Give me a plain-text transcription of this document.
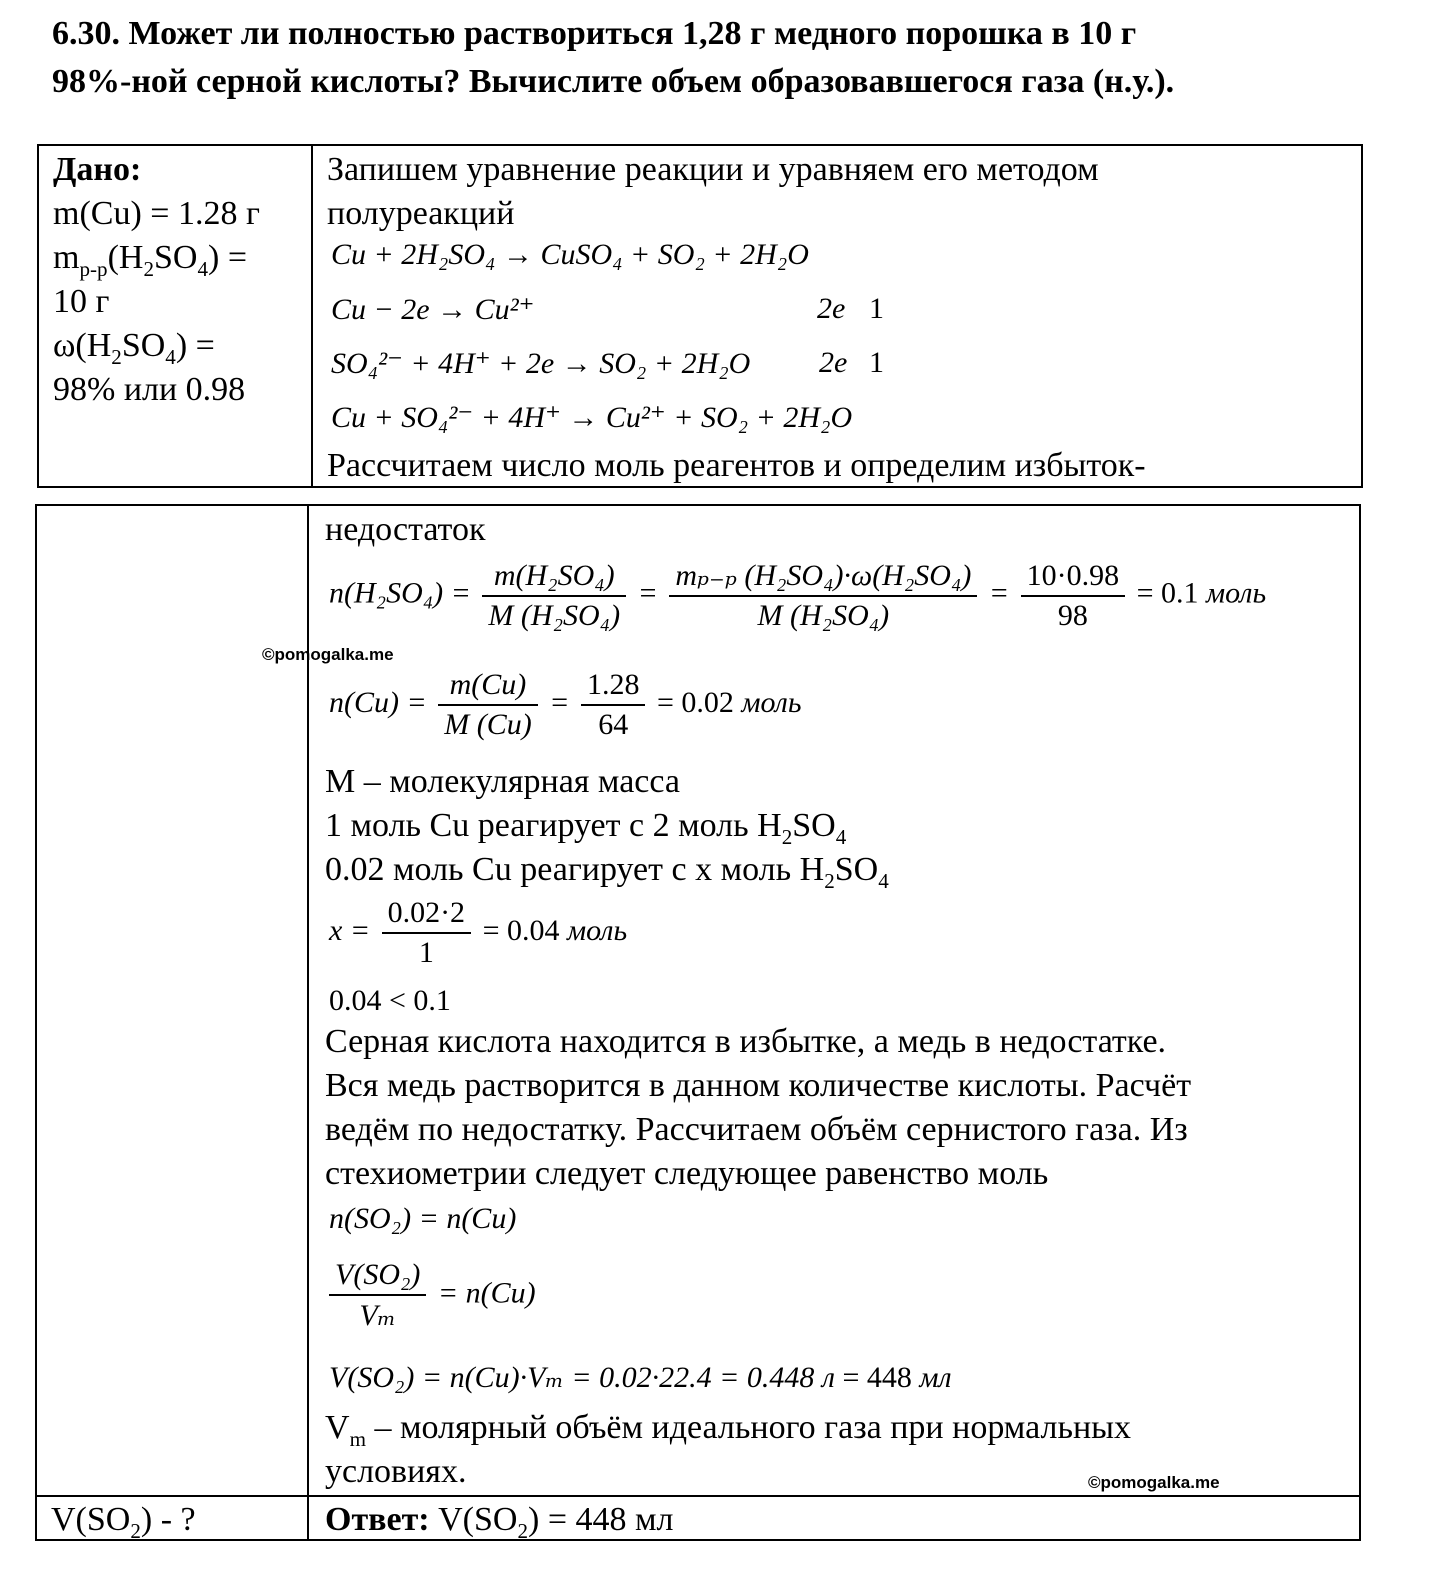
6.30. Может ли полностью раствориться 1,28 г медного порошка в 10 г
98%-ной серной кислоты? Вычислите объем образовавшегося газа (н.у.).
Дано:
m(Cu) = 1.28 г
$m_{р-р}(H_2SO_4)$ =
10 г
$\omega(H_2SO_4)$ =
98% или 0.98
Запишем уравнение реакции и уравняем его методом
полуреакций
Cu + 2H₂SO₄ → CuSO₄ + SO₂ + 2H₂O
Cu − 2e → Cu²⁺	2e 1
SO₄²⁻ + 4H⁺ + 2e → SO₂ + 2H₂O 2e 1
Cu + SO₄²⁻ + 4H⁺ → Cu²⁺ + SO₂ + 2H₂O
Рассчитаем число моль реагентов и определим избыток-
недостаток
$n(H_2SO_4) = \frac{\text{m(H₂SO₄)}}{\text{M (H₂SO₄)}} = \frac{\text{mₚ₋ₚ (H₂SO₄)·ω(H₂SO₄)}}{\text{M (H₂SO₄)}} = \frac{10\cdot 0.98}{98} = 0.1$ моль
$n(Cu) = \frac{m(Cu)}{M (Cu)} = \frac{1.28}{64} = 0.02$ моль
M – молекулярная масса
1 моль Cu реагирует с 2 моль $H_2SO_4$
0.02 моль Cu реагирует с х моль $H_2SO_4$
$x = \frac{0.02\cdot 2}{1} = 0.04$ моль
0.04 < 0.1
Серная кислота находится в избытке, а медь в недостатке.
Вся медь растворится в данном количестве кислоты. Расчёт
ведём по недостатку. Рассчитаем объём сернистого газа. Из
стехиометрии следует следующее равенство моль
n(SO₂) = n(Cu)
$\frac{\text{V(SO₂)}}{\text{Vₘ}} = n(Cu)$
V(SO₂) = n(Cu)·Vₘ = 0.02·22.4 = 0.448 л = 448 мл
$V_m$ – молярный объём идеального газа при нормальных
условиях.
$V(SO_2)$ - ?	Ответ: $V(SO_2) = 448$ мл
©pomogalka.me
©pomogalka.me
